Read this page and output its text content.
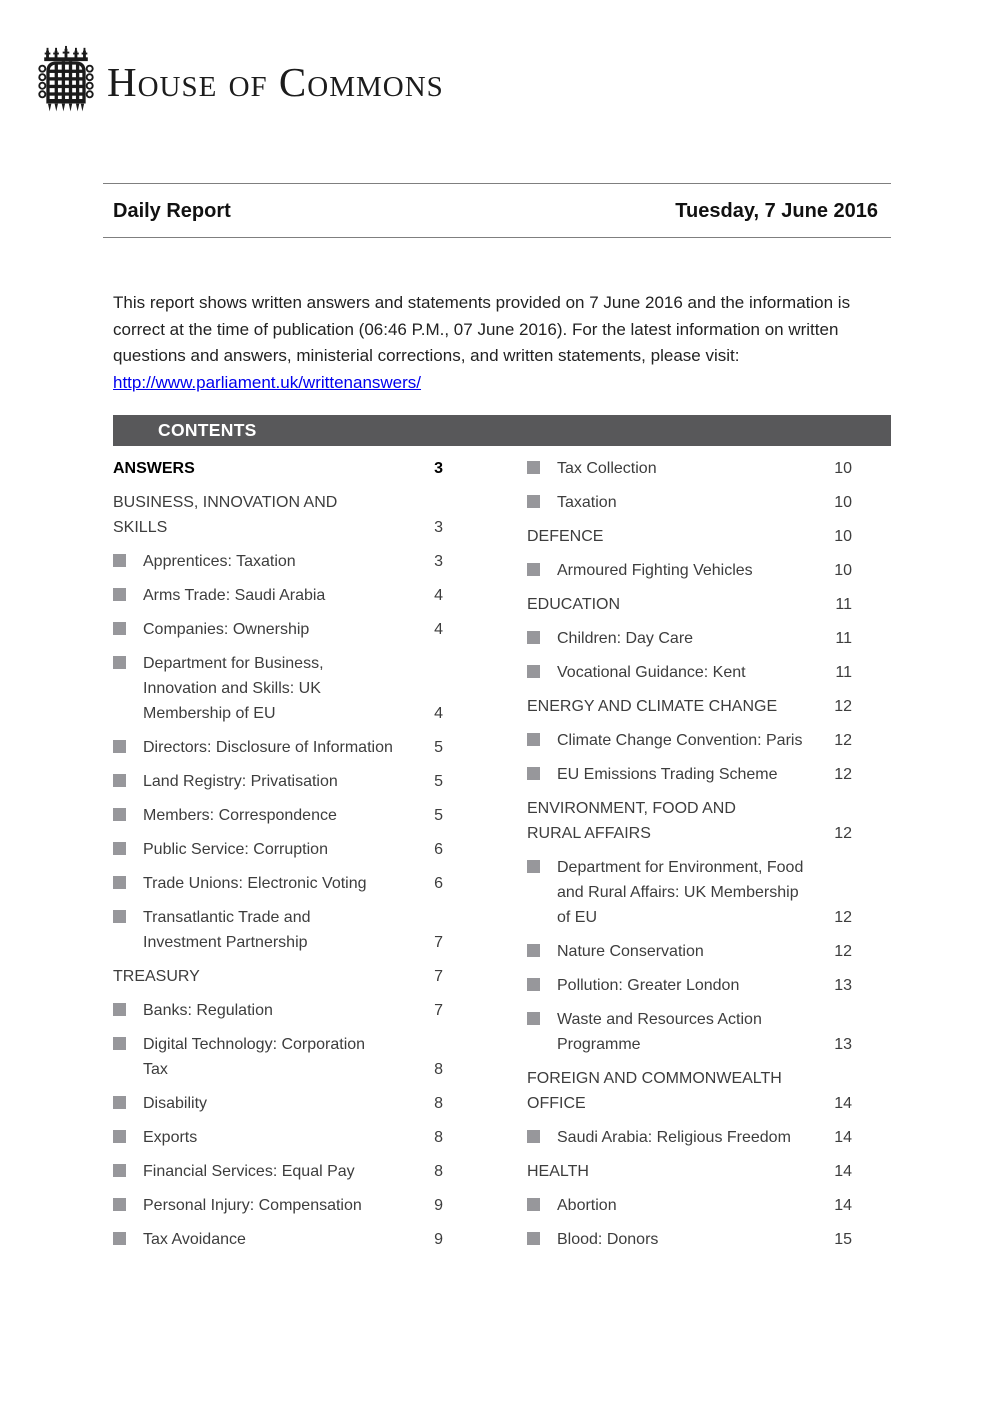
House of Commons
Daily Report	Tuesday, 7 June 2016

This report shows written answers and statements provided on 7 June 2016 and the information is correct at the time of publication (06:46 P.M., 07 June 2016). For the latest information on written questions and answers, ministerial corrections, and written statements, please visit: http://www.parliament.uk/writtenanswers/

CONTENTS
ANSWERS	3
BUSINESS, INNOVATION AND SKILLS	3
Apprentices: Taxation	3
Arms Trade: Saudi Arabia	4
Companies: Ownership	4
Department for Business, Innovation and Skills: UK Membership of EU	4
Directors: Disclosure of Information	5
Land Registry: Privatisation	5
Members: Correspondence	5
Public Service: Corruption	6
Trade Unions: Electronic Voting	6
Transatlantic Trade and Investment Partnership	7
TREASURY	7
Banks: Regulation	7
Digital Technology: Corporation Tax	8
Disability	8
Exports	8
Financial Services: Equal Pay	8
Personal Injury: Compensation	9
Tax Avoidance	9
Tax Collection	10
Taxation	10
DEFENCE	10
Armoured Fighting Vehicles	10
EDUCATION	11
Children: Day Care	11
Vocational Guidance: Kent	11
ENERGY AND CLIMATE CHANGE	12
Climate Change Convention: Paris	12
EU Emissions Trading Scheme	12
ENVIRONMENT, FOOD AND RURAL AFFAIRS	12
Department for Environment, Food and Rural Affairs: UK Membership of EU	12
Nature Conservation	12
Pollution: Greater London	13
Waste and Resources Action Programme	13
FOREIGN AND COMMONWEALTH OFFICE	14
Saudi Arabia: Religious Freedom	14
HEALTH	14
Abortion	14
Blood: Donors	15
